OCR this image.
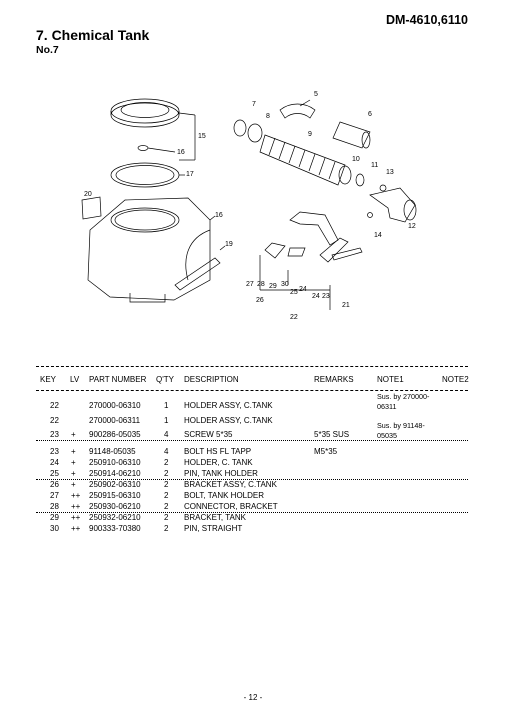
DM-4610,6110
7. Chemical Tank
No.7
5
6
7
8
9
10
11
12
13
14
15
16
17
16
19
20
21
22
23
24
25
26
27 28 29 30
24
KEY LV PART NUMBER Q'TY DESCRIPTION	REMARKS	NOTE1	NOTE2
22	270000-06310	1 HOLDER ASSY, C.TANK
Sus. by 270000-
06311
22	270000-06311	1 HOLDER ASSY, C.TANK
23 + 900286-05035	4 SCREW 5*35	5*35 SUS
Sus. by 91148-
05035
23 + 91148-05035	4 BOLT HS FL TAPP	M5*35
24 + 250910-06310	2 HOLDER, C. TANK
25 + 250914-06210	2 PIN, TANK HOLDER
26 + 250902-06310	2 BRACKET ASSY, C.TANK
27 ++ 250915-06310	2 BOLT, TANK HOLDER
28 ++ 250930-06210	2 CONNECTOR, BRACKET
29 ++ 250932-06210	2 BRACKET, TANK
30 ++ 900333-70380	2 PIN, STRAIGHT
- 12 -
